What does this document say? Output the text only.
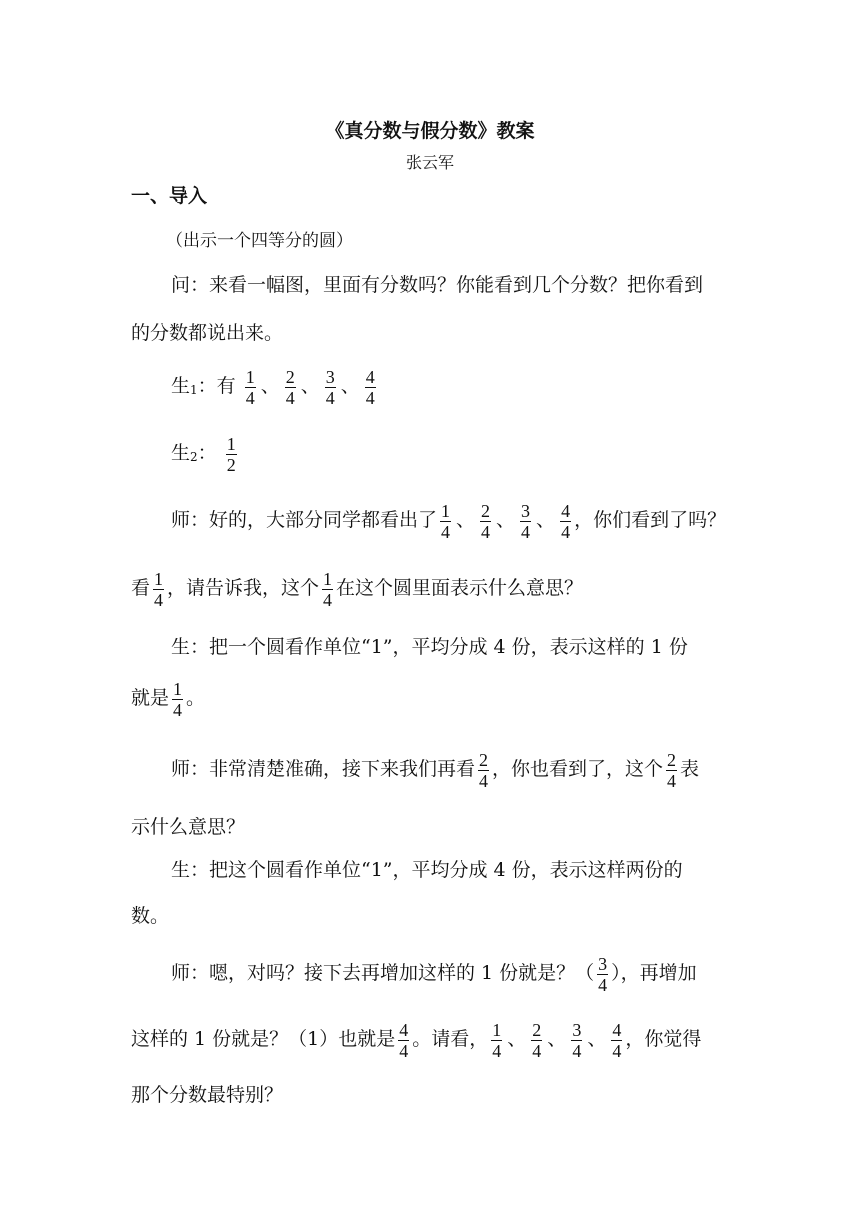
《真分数与假分数》教案
张云军
一、导入
（出示一个四等分的圆）
问：来看一幅图，里面有分数吗？你能看到几个分数？把你看到
的分数都说出来。
生1：有 $\frac{1}{4}$ 、 $\frac{2}{4}$ 、 $\frac{3}{4}$ 、 $\frac{4}{4}$
生2： $\frac{1}{2}$
师：好的，大部分同学都看出了 $\frac{1}{4}$ 、 $\frac{2}{4}$ 、 $\frac{3}{4}$ 、 $\frac{4}{4}$ ，你们看到了吗？
看 $\frac{1}{4}$ ，请告诉我，这个 $\frac{1}{4}$ 在这个圆里面表示什么意思？
生：把一个圆看作单位“1”，平均分成 4 份，表示这样的 1 份
就是 $\frac{1}{4}$ 。
师：非常清楚准确，接下来我们再看 $\frac{2}{4}$ ，你也看到了，这个 $\frac{2}{4}$ 表
示什么意思？
生：把这个圆看作单位“1”，平均分成 4 份，表示这样两份的
数。
师：嗯，对吗？接下去再增加这样的 1 份就是？（ $\frac{3}{4}$ ），再增加
这样的 1 份就是？（1）也就是 $\frac{4}{4}$ 。请看， $\frac{1}{4}$ 、 $\frac{2}{4}$ 、 $\frac{3}{4}$ 、 $\frac{4}{4}$ ，你觉得
那个分数最特别？
